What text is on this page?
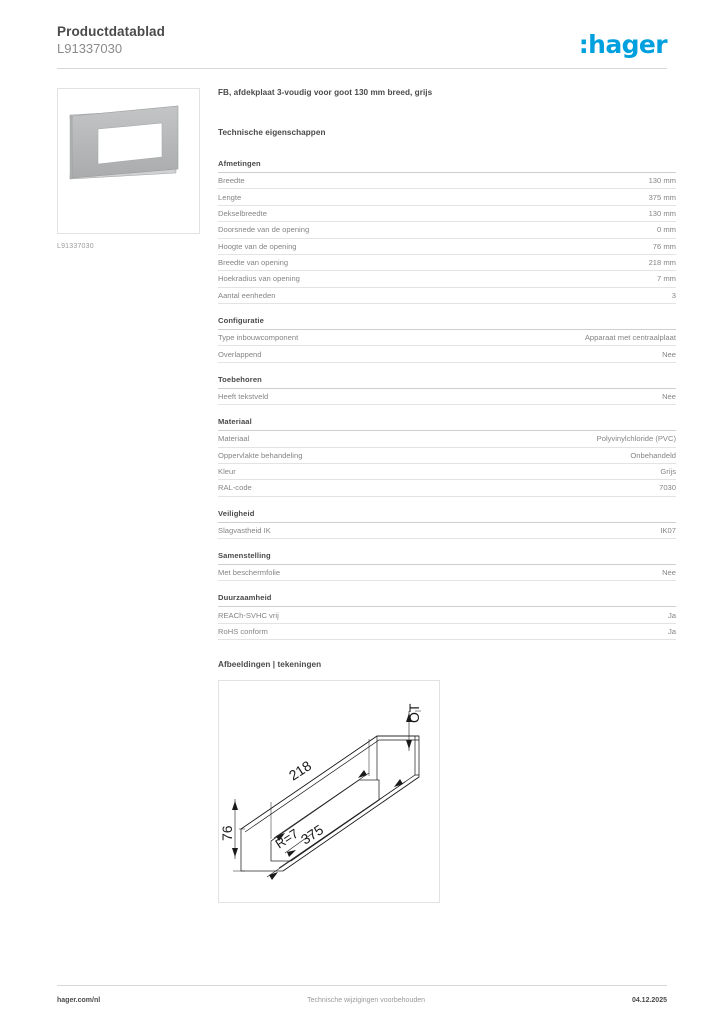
Productdatablad
L91337030	:hager
L91337030
FB, afdekplaat 3-voudig voor goot 130 mm breed, grijs
Technische eigenschappen
Afmetingen
Breedte	130 mm
Lengte	375 mm
Dekselbreedte	130 mm
Doorsnede van de opening	0 mm
Hoogte van de opening	76 mm
Breedte van opening	218 mm
Hoekradius van opening	7 mm
Aantal eenheden	3
Configuratie
Type inbouwcomponent	Apparaat met centraalplaat
Overlappend	Nee
Toebehoren
Heeft tekstveld	Nee
Materiaal
Materiaal	Polyvinylchloride (PVC)
Oppervlakte behandeling	Onbehandeld
Kleur	Grijs
RAL-code	7030
Veiligheid
Slagvastheid IK	IK07
Samenstelling
Met beschermfolie	Nee
Duurzaamheid
REACh-SVHC vrij	Ja
RoHS conform	Ja
Afbeeldingen | tekeningen
218
76	R=7
375
OT
hager.com/nl	Technische wijzigingen voorbehouden	04.12.2025
